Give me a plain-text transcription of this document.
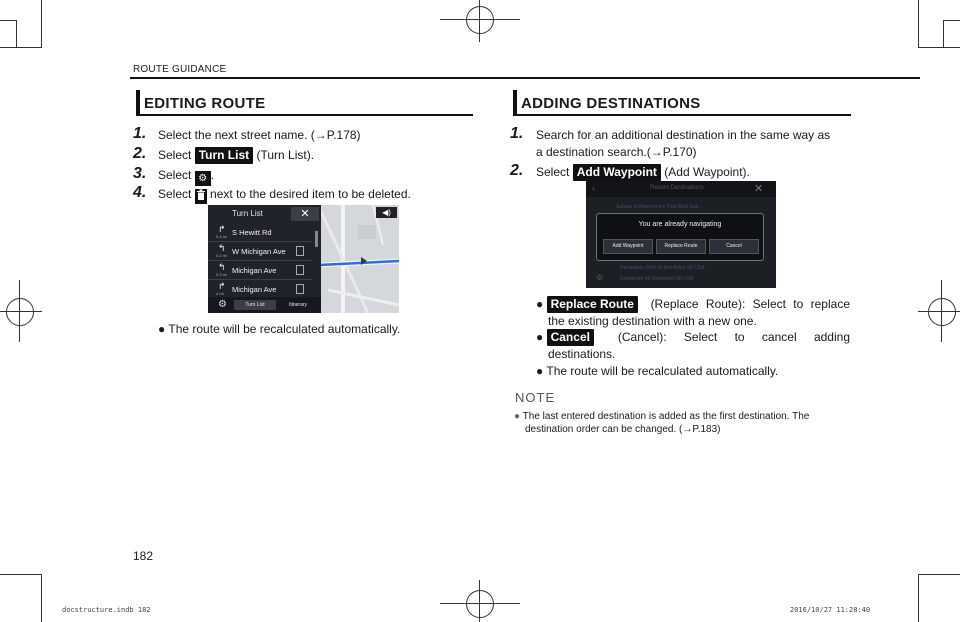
ROUTE GUIDANCE
EDITING ROUTE
1. Select the next street name. (→P.178)
2. Select Turn List (Turn List).
3. Select ⚙ .
4. Select next to the desired item to be deleted.
◀)
Turn List	✕
↱
0.4 mi S Hewitt Rd
↰
0.2 mi W Michigan Ave
↰
0.3 mi Michigan Ave
↱
4 mi Michigan Ave
⚙	Turn List	Itinerary
● The route will be recalculated automatically.
ADDING DESTINATIONS
1. Search for an additional destination in the same way as
a destination search.(→P.170)
2. Select Add Waypoint (Add Waypoint).
‹	Recent Destinations	✕
Subaru of America Inc Park Blvd Sub...
Recreation Park Dr Ann Arbor MI USA
Downtown MI Downtown MI USA
You are already navigating
Add Waypoint	Replace Route	Cancel
⚙
● Replace Route	(Replace Route): Select to replace
the existing destination with a new one.
● Cancel	(Cancel): Select to cancel adding
destinations.
● The route will be recalculated automatically.
NOTE
● The last entered destination is added as the first destination. The
destination order can be changed. (→P.183)
182
docstructure.indb 182	2016/10/27 11:28:40
